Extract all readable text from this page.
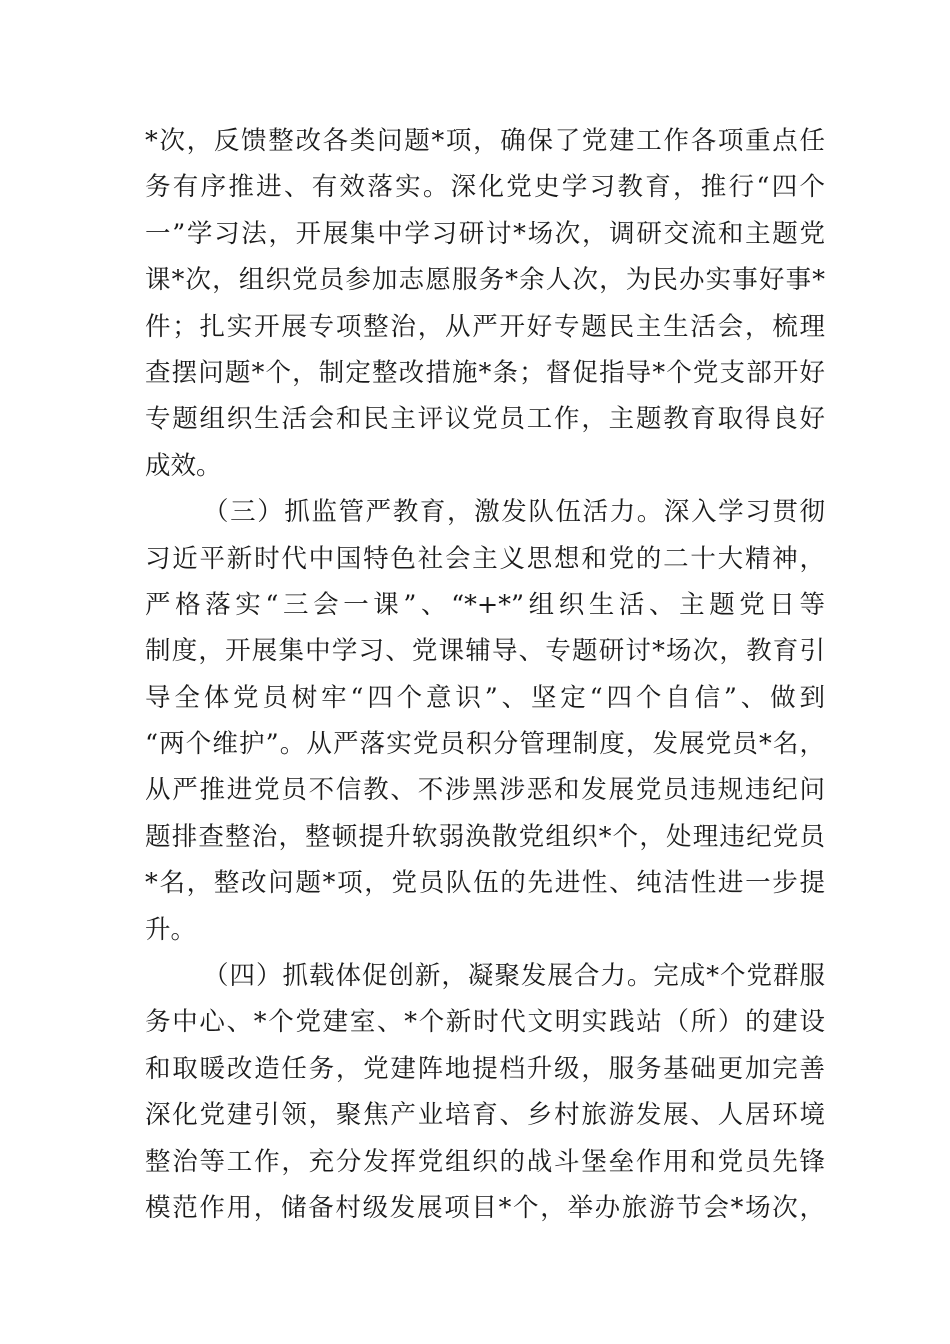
*次，反馈整改各类问题*项，确保了党建工作各项重点任
务有序推进、有效落实。深化党史学习教育，推行“四个
一”学习法，开展集中学习研讨*场次，调研交流和主题党
课*次，组织党员参加志愿服务*余人次，为民办实事好事*
件；扎实开展专项整治，从严开好专题民主生活会，梳理
查摆问题*个，制定整改措施*条；督促指导*个党支部开好
专题组织生活会和民主评议党员工作，主题教育取得良好
成效。
（三）抓监管严教育，激发队伍活力。深入学习贯彻
习近平新时代中国特色社会主义思想和党的二十大精神，
严格落实“三会一课”、“*+*”组织生活、主题党日等
制度，开展集中学习、党课辅导、专题研讨*场次，教育引
导全体党员树牢“四个意识”、坚定“四个自信”、做到
“两个维护”。从严落实党员积分管理制度，发展党员*名，
从严推进党员不信教、不涉黑涉恶和发展党员违规违纪问
题排查整治，整顿提升软弱涣散党组织*个，处理违纪党员
*名，整改问题*项，党员队伍的先进性、纯洁性进一步提
升。
（四）抓载体促创新，凝聚发展合力。完成*个党群服
务中心、*个党建室、*个新时代文明实践站（所）的建设
和取暖改造任务，党建阵地提档升级，服务基础更加完善
深化党建引领，聚焦产业培育、乡村旅游发展、人居环境
整治等工作，充分发挥党组织的战斗堡垒作用和党员先锋
模范作用，储备村级发展项目*个，举办旅游节会*场次，
